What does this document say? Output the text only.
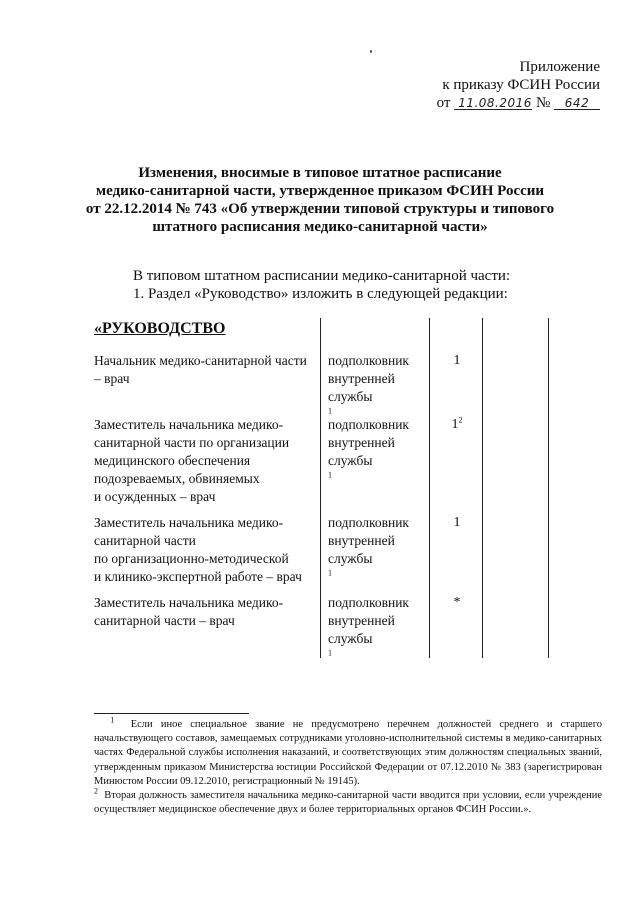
Приложение
к приказу ФСИН России
от 11.08.2016 № 642
Изменения, вносимые в типовое штатное расписание
медико-санитарной части, утвержденное приказом ФСИН России
от 22.12.2014 № 743 «Об утверждении типовой структуры и типового
штатного расписания медико-санитарной части»
В типовом штатном расписании медико-санитарной части:
1. Раздел «Руководство» изложить в следующей редакции:
«РУКОВОДСТВО
Начальник медико-санитарной части
– врач
подполковник
внутренней
службы
$^1$
1
Заместитель начальника медико-
санитарной части по организации
медицинского обеспечения
подозреваемых, обвиняемых
и осужденных – врач
подполковник
внутренней
службы
$^1$
$1^2$
Заместитель начальника медико-
санитарной части
по организационно-методической
и клинико-экспертной работе – врач
подполковник
внутренней
службы
$^1$
1
Заместитель начальника медико-
санитарной части – врач
подполковник
внутренней
службы
$^1$
*

$^1$ Если иное специальное звание не предусмотрено перечнем должностей среднего и старшего начальствующего составов, замещаемых сотрудниками уголовно-исполнительной системы в медико-санитарных частях Федеральной службы исполнения наказаний, и соответствующих этим должностям специальных званий, утвержденным приказом Министерства юстиции Российской Федерации от 07.12.2010 № 383 (зарегистрирован Минюстом России 09.12.2010, регистрационный № 19145).

$^2$ Вторая должность заместителя начальника медико-санитарной части вводится при условии, если учреждение осуществляет медицинское обеспечение двух и более территориальных органов ФСИН России.».
